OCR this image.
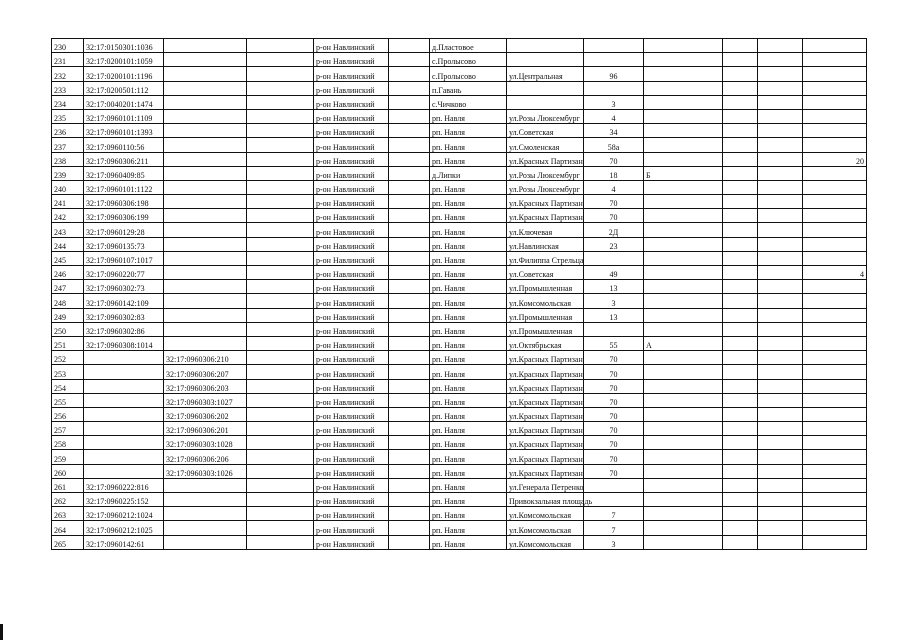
230	32:17:0150301:1036			р-он Навлинский		д.Пластовое						
231	32:17:0200101:1059			р-он Навлинский		с.Пролысово						
232	32:17:0200101:1196			р-он Навлинский		с.Пролысово	ул.Центральная	96				
233	32:17:0200501:112			р-он Навлинский		п.Гавань						
234	32:17:0040201:1474			р-он Навлинский		с.Чичково		3				
235	32:17:0960101:1109			р-он Навлинский		рп. Навля	ул.Розы Люксембург	4				
236	32:17:0960101:1393			р-он Навлинский		рп. Навля	ул.Советская	34				
237	32:17:0960110:56			р-он Навлинский		рп. Навля	ул.Смоленская	58а				
238	32:17:0960306:211			р-он Навлинский		рп. Навля	ул.Красных Партизан	70				20
239	32:17:0960409:85			р-он Навлинский		д.Липки	ул.Розы Люксембург	18	Б			
240	32:17:0960101:1122			р-он Навлинский		рп. Навля	ул.Розы Люксембург	4				
241	32:17:0960306:198			р-он Навлинский		рп. Навля	ул.Красных Партизан	70				
242	32:17:0960306:199			р-он Навлинский		рп. Навля	ул.Красных Партизан	70				
243	32:17:0960129:28			р-он Навлинский		рп. Навля	ул.Ключевая	2Д				
244	32:17:0960135:73			р-он Навлинский		рп. Навля	ул.Навлинская	23				
245	32:17:0960107:1017			р-он Навлинский		рп. Навля	ул.Филиппа Стрельца					
246	32:17:0960220:77			р-он Навлинский		рп. Навля	ул.Советская	49				4
247	32:17:0960302:73			р-он Навлинский		рп. Навля	ул.Промышленная	13				
248	32:17:0960142:109			р-он Навлинский		рп. Навля	ул.Комсомольская	3				
249	32:17:0960302:83			р-он Навлинский		рп. Навля	ул.Промышленная	13				
250	32:17:0960302:86			р-он Навлинский		рп. Навля	ул.Промышленная					
251	32:17:0960308:1014			р-он Навлинский		рп. Навля	ул.Октябрьская	55	А			
252		32:17:0960306:210		р-он Навлинский		рп. Навля	ул.Красных Партизан	70				
253		32:17:0960306:207		р-он Навлинский		рп. Навля	ул.Красных Партизан	70				
254		32:17:0960306:203		р-он Навлинский		рп. Навля	ул.Красных Партизан	70				
255		32:17:0960303:1027		р-он Навлинский		рп. Навля	ул.Красных Партизан	70				
256		32:17:0960306:202		р-он Навлинский		рп. Навля	ул.Красных Партизан	70				
257		32:17:0960306:201		р-он Навлинский		рп. Навля	ул.Красных Партизан	70				
258		32:17:0960303:1028		р-он Навлинский		рп. Навля	ул.Красных Партизан	70				
259		32:17:0960306:206		р-он Навлинский		рп. Навля	ул.Красных Партизан	70				
260		32:17:0960303:1026		р-он Навлинский		рп. Навля	ул.Красных Партизан	70				
261	32:17:0960222:816			р-он Навлинский		рп. Навля	ул.Генерала Петренко					
262	32:17:0960225:152			р-он Навлинский		рп. Навля	Привокзальная площадь					
263	32:17:0960212:1024			р-он Навлинский		рп. Навля	ул.Комсомольская	7				
264	32:17:0960212:1025			р-он Навлинский		рп. Навля	ул.Комсомольская	7				
265	32:17:0960142:61			р-он Навлинский		рп. Навля	ул.Комсомольская	3				
